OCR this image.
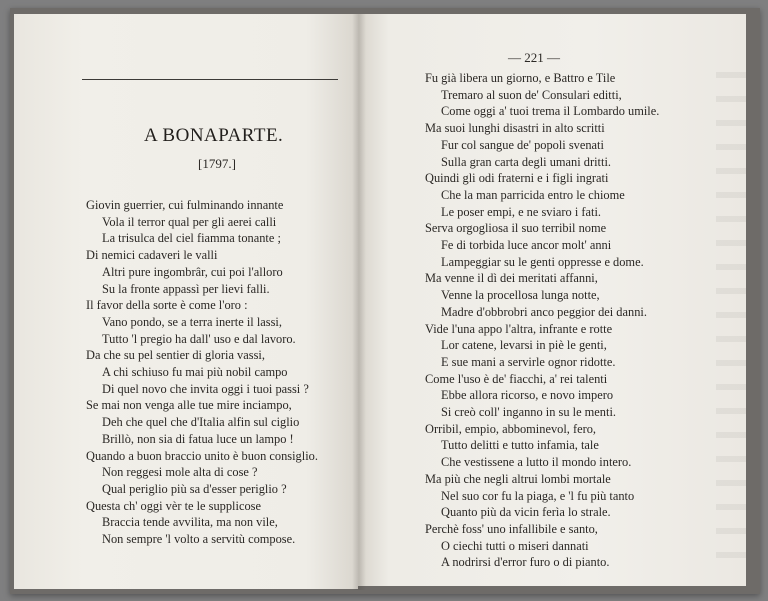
A BONAPARTE.
[1797.]
Giovin guerrier, cui fulminando innante
Vola il terror qual per gli aerei calli
La trisulca del ciel fiamma tonante ;
Di nemici cadaveri le valli
Altri pure ingombrâr, cui poi l'alloro
Su la fronte appassì per lievi falli.
Il favor della sorte è come l'oro :
Vano pondo, se a terra inerte il lassi,
Tutto 'l pregio ha dall' uso e dal lavoro.
Da che su pel sentier di gloria vassi,
A chi schiuso fu mai più nobil campo
Di quel novo che invita oggi i tuoi passi ?
Se mai non venga alle tue mire inciampo,
Deh che quel che d'Italia alfin sul ciglio
Brillò, non sia di fatua luce un lampo !
Quando a buon braccio unito è buon consiglio.
Non reggesi mole alta di cose ?
Qual periglio più sa d'esser periglio ?
Questa ch' oggi vèr te le supplicose
Braccia tende avvilita, ma non vile,
Non sempre 'l volto a servitù compose.
— 221 —
Fu già libera un giorno, e Battro e Tile
Tremaro al suon de' Consulari editti,
Come oggi a' tuoi trema il Lombardo umile.
Ma suoi lunghi disastri in alto scritti
Fur col sangue de' popoli svenati
Sulla gran carta degli umani dritti.
Quindi gli odi fraterni e i figli ingrati
Che la man parricida entro le chiome
Le poser empi, e ne sviaro i fati.
Serva orgogliosa il suo terribil nome
Fe di torbida luce ancor molt' anni
Lampeggiar su le genti oppresse e dome.
Ma venne il dì dei meritati affanni,
Venne la procellosa lunga notte,
Madre d'obbrobri anco peggior dei danni.
Vide l'una appo l'altra, infrante e rotte
Lor catene, levarsi in piè le genti,
E sue mani a servirle ognor ridotte.
Come l'uso è de' fiacchi, a' rei talenti
Ebbe allora ricorso, e novo impero
Si creò coll' inganno in su le menti.
Orribil, empio, abbominevol, fero,
Tutto delitti e tutto infamia, tale
Che vestissene a lutto il mondo intero.
Ma più che negli altrui lombi mortale
Nel suo cor fu la piaga, e 'l fu più tanto
Quanto più da vicin ferìa lo strale.
Perchè foss' uno infallibile e santo,
O ciechi tutti o miseri dannati
A nodrirsi d'error furo o di pianto.
